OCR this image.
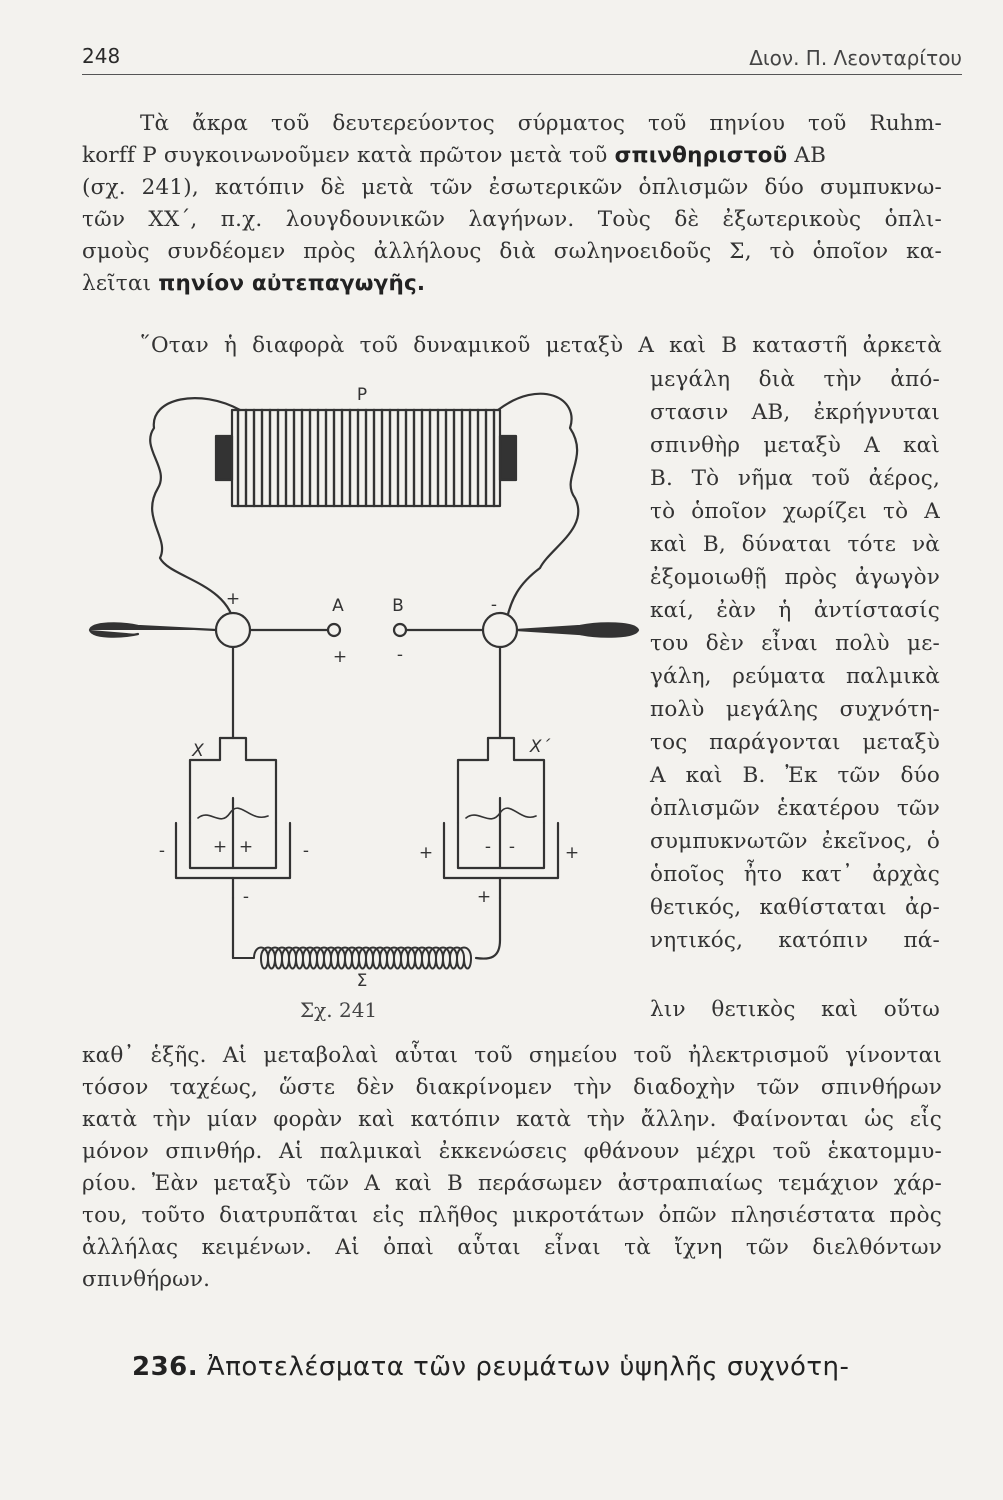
248	Διον. Π. Λεονταρίτου
Τὰ ἄκρα τοῦ δευτερεύοντος σύρματος τοῦ πηνίου τοῦ Ruhm-
korff P συγκοινωνοῦμεν κατὰ πρῶτον μετὰ τοῦ σπινθηριστοῦ AB
(σχ. 241), κατόπιν δὲ μετὰ τῶν ἐσωτερικῶν ὁπλισμῶν δύο συμπυκνω-
τῶν XX΄, π.χ. λουγδουνικῶν λαγήνων. Τοὺς δὲ ἐξωτερικοὺς ὁπλι-
σμοὺς συνδέομεν πρὸς ἀλλήλους διὰ σωληνοειδοῦς Σ, τὸ ὁποῖον κα-
λεῖται πηνίον αὐτεπαγωγῆς.
῞Οταν ἡ διαφορὰ τοῦ δυναμικοῦ μεταξὺ A καὶ B καταστῆ ἀρκετὰ
μεγάλη διὰ τὴν ἀπό-
στασιν AB, ἐκρήγνυται
σπινθὴρ μεταξὺ A καὶ
B. Τὸ νῆμα τοῦ ἀέρος,
τὸ ὁποῖον χωρίζει τὸ A
καὶ B, δύναται τότε νὰ
ἐξομοιωθῇ πρὸς ἀγωγὸν
καί, ἐὰν ἡ ἀντίστασίς
του δὲν εἶναι πολὺ με-
γάλη, ρεύματα παλμικὰ
πολὺ μεγάλης συχνότη-
τος παράγονται μεταξὺ
A καὶ B. Ἐκ τῶν δύο
ὁπλισμῶν ἑκατέρου τῶν
συμπυκνωτῶν ἐκεῖνος, ὁ
ὁποῖος ἦτο κατ᾽ ἀρχὰς
θετικός, καθίσταται ἀρ-
νητικός, κατόπιν πά-
λιν θετικὸς καὶ οὕτω
P
A	B
+	-
+	-
X	X΄
-	+ +	-	+	- -	+
-	+
Σ
Σχ. 241
καθ᾽ ἑξῆς. Αἱ μεταβολαὶ αὗται τοῦ σημείου τοῦ ἠλεκτρισμοῦ γίνονται
τόσον ταχέως, ὥστε δὲν διακρίνομεν τὴν διαδοχὴν τῶν σπινθήρων
κατὰ τὴν μίαν φορὰν καὶ κατόπιν κατὰ τὴν ἄλλην. Φαίνονται ὡς εἷς
μόνον σπινθήρ. Αἱ παλμικαὶ ἐκκενώσεις φθάνουν μέχρι τοῦ ἑκατομμυ-
ρίου. Ἐὰν μεταξὺ τῶν A καὶ B περάσωμεν ἀστραπιαίως τεμάχιον χάρ-
του, τοῦτο διατρυπᾶται εἰς πλῆθος μικροτάτων ὀπῶν πλησιέστατα πρὸς
ἀλλήλας κειμένων. Αἱ ὀπαὶ αὗται εἶναι τὰ ἴχνη τῶν διελθόντων
σπινθήρων.
236. Ἀποτελέσματα τῶν ρευμάτων ὑψηλῆς συχνότη-
